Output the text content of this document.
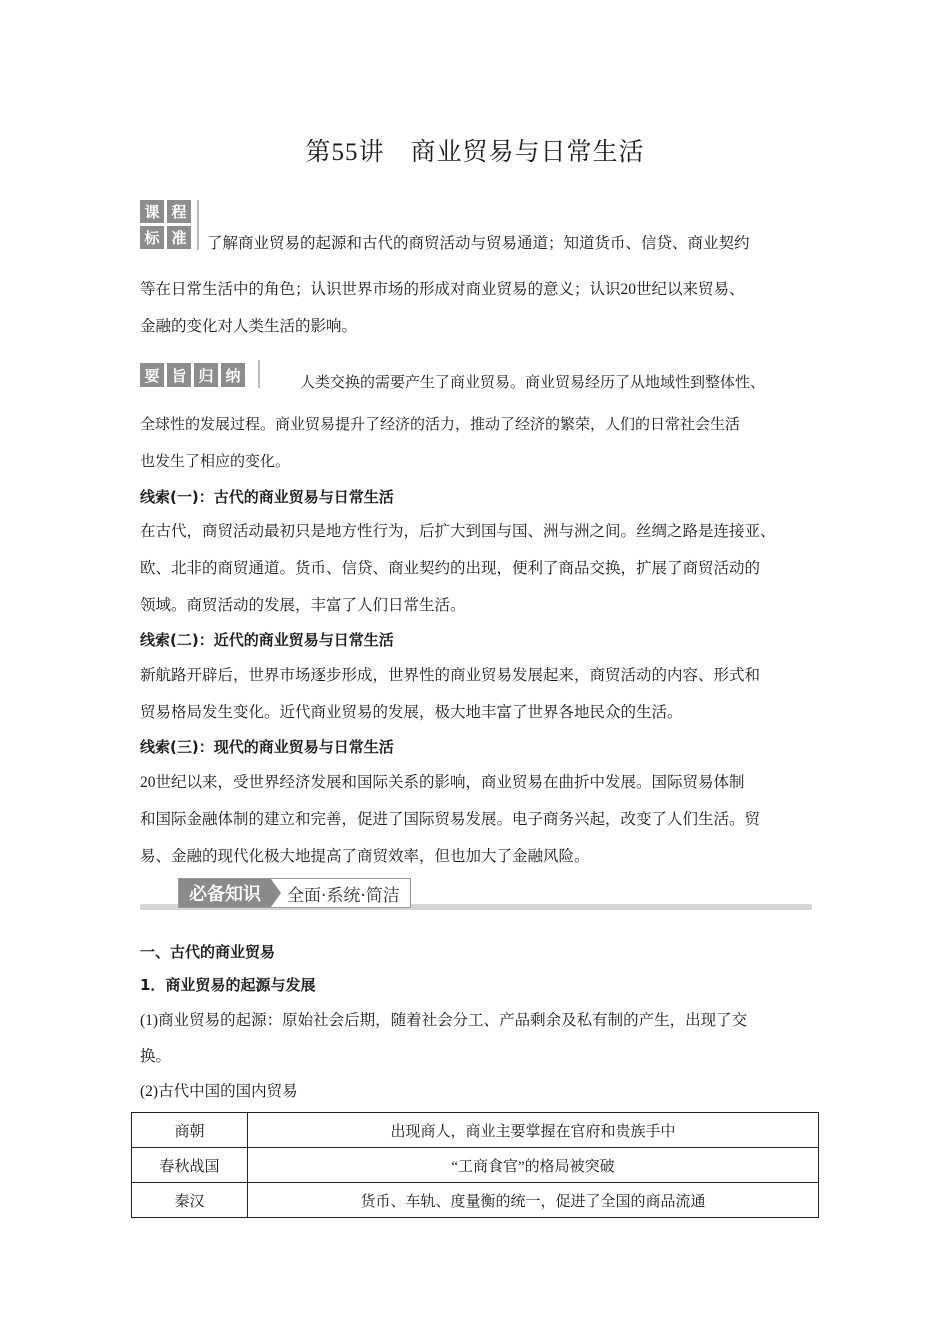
第55讲　商业贸易与日常生活
课 程
标 准 了解商业贸易的起源和古代的商贸活动与贸易通道；知道货币、信贷、商业契约
等在日常生活中的角色；认识世界市场的形成对商业贸易的意义；认识20世纪以来贸易、
金融的变化对人类生活的影响。
要 旨 归 纳	人类交换的需要产生了商业贸易。商业贸易经历了从地域性到整体性、
全球性的发展过程。商业贸易提升了经济的活力，推动了经济的繁荣，人们的日常社会生活
也发生了相应的变化。
线索(一)：古代的商业贸易与日常生活
在古代，商贸活动最初只是地方性行为，后扩大到国与国、洲与洲之间。丝绸之路是连接亚、
欧、北非的商贸通道。货币、信贷、商业契约的出现，便利了商品交换，扩展了商贸活动的
领域。商贸活动的发展，丰富了人们日常生活。
线索(二)：近代的商业贸易与日常生活
新航路开辟后，世界市场逐步形成，世界性的商业贸易发展起来，商贸活动的内容、形式和
贸易格局发生变化。近代商业贸易的发展，极大地丰富了世界各地民众的生活。
线索(三)：现代的商业贸易与日常生活
20世纪以来，受世界经济发展和国际关系的影响，商业贸易在曲折中发展。国际贸易体制
和国际金融体制的建立和完善，促进了国际贸易发展。电子商务兴起，改变了人们生活。贸
易、金融的现代化极大地提高了商贸效率，但也加大了金融风险。
必备知识	全面·系统·简洁
一、古代的商业贸易
1．商业贸易的起源与发展
(1)商业贸易的起源：原始社会后期，随着社会分工、产品剩余及私有制的产生，出现了交
换。
(2)古代中国的国内贸易
商朝	出现商人，商业主要掌握在官府和贵族手中
春秋战国	“工商食官”的格局被突破
秦汉	货币、车轨、度量衡的统一，促进了全国的商品流通
